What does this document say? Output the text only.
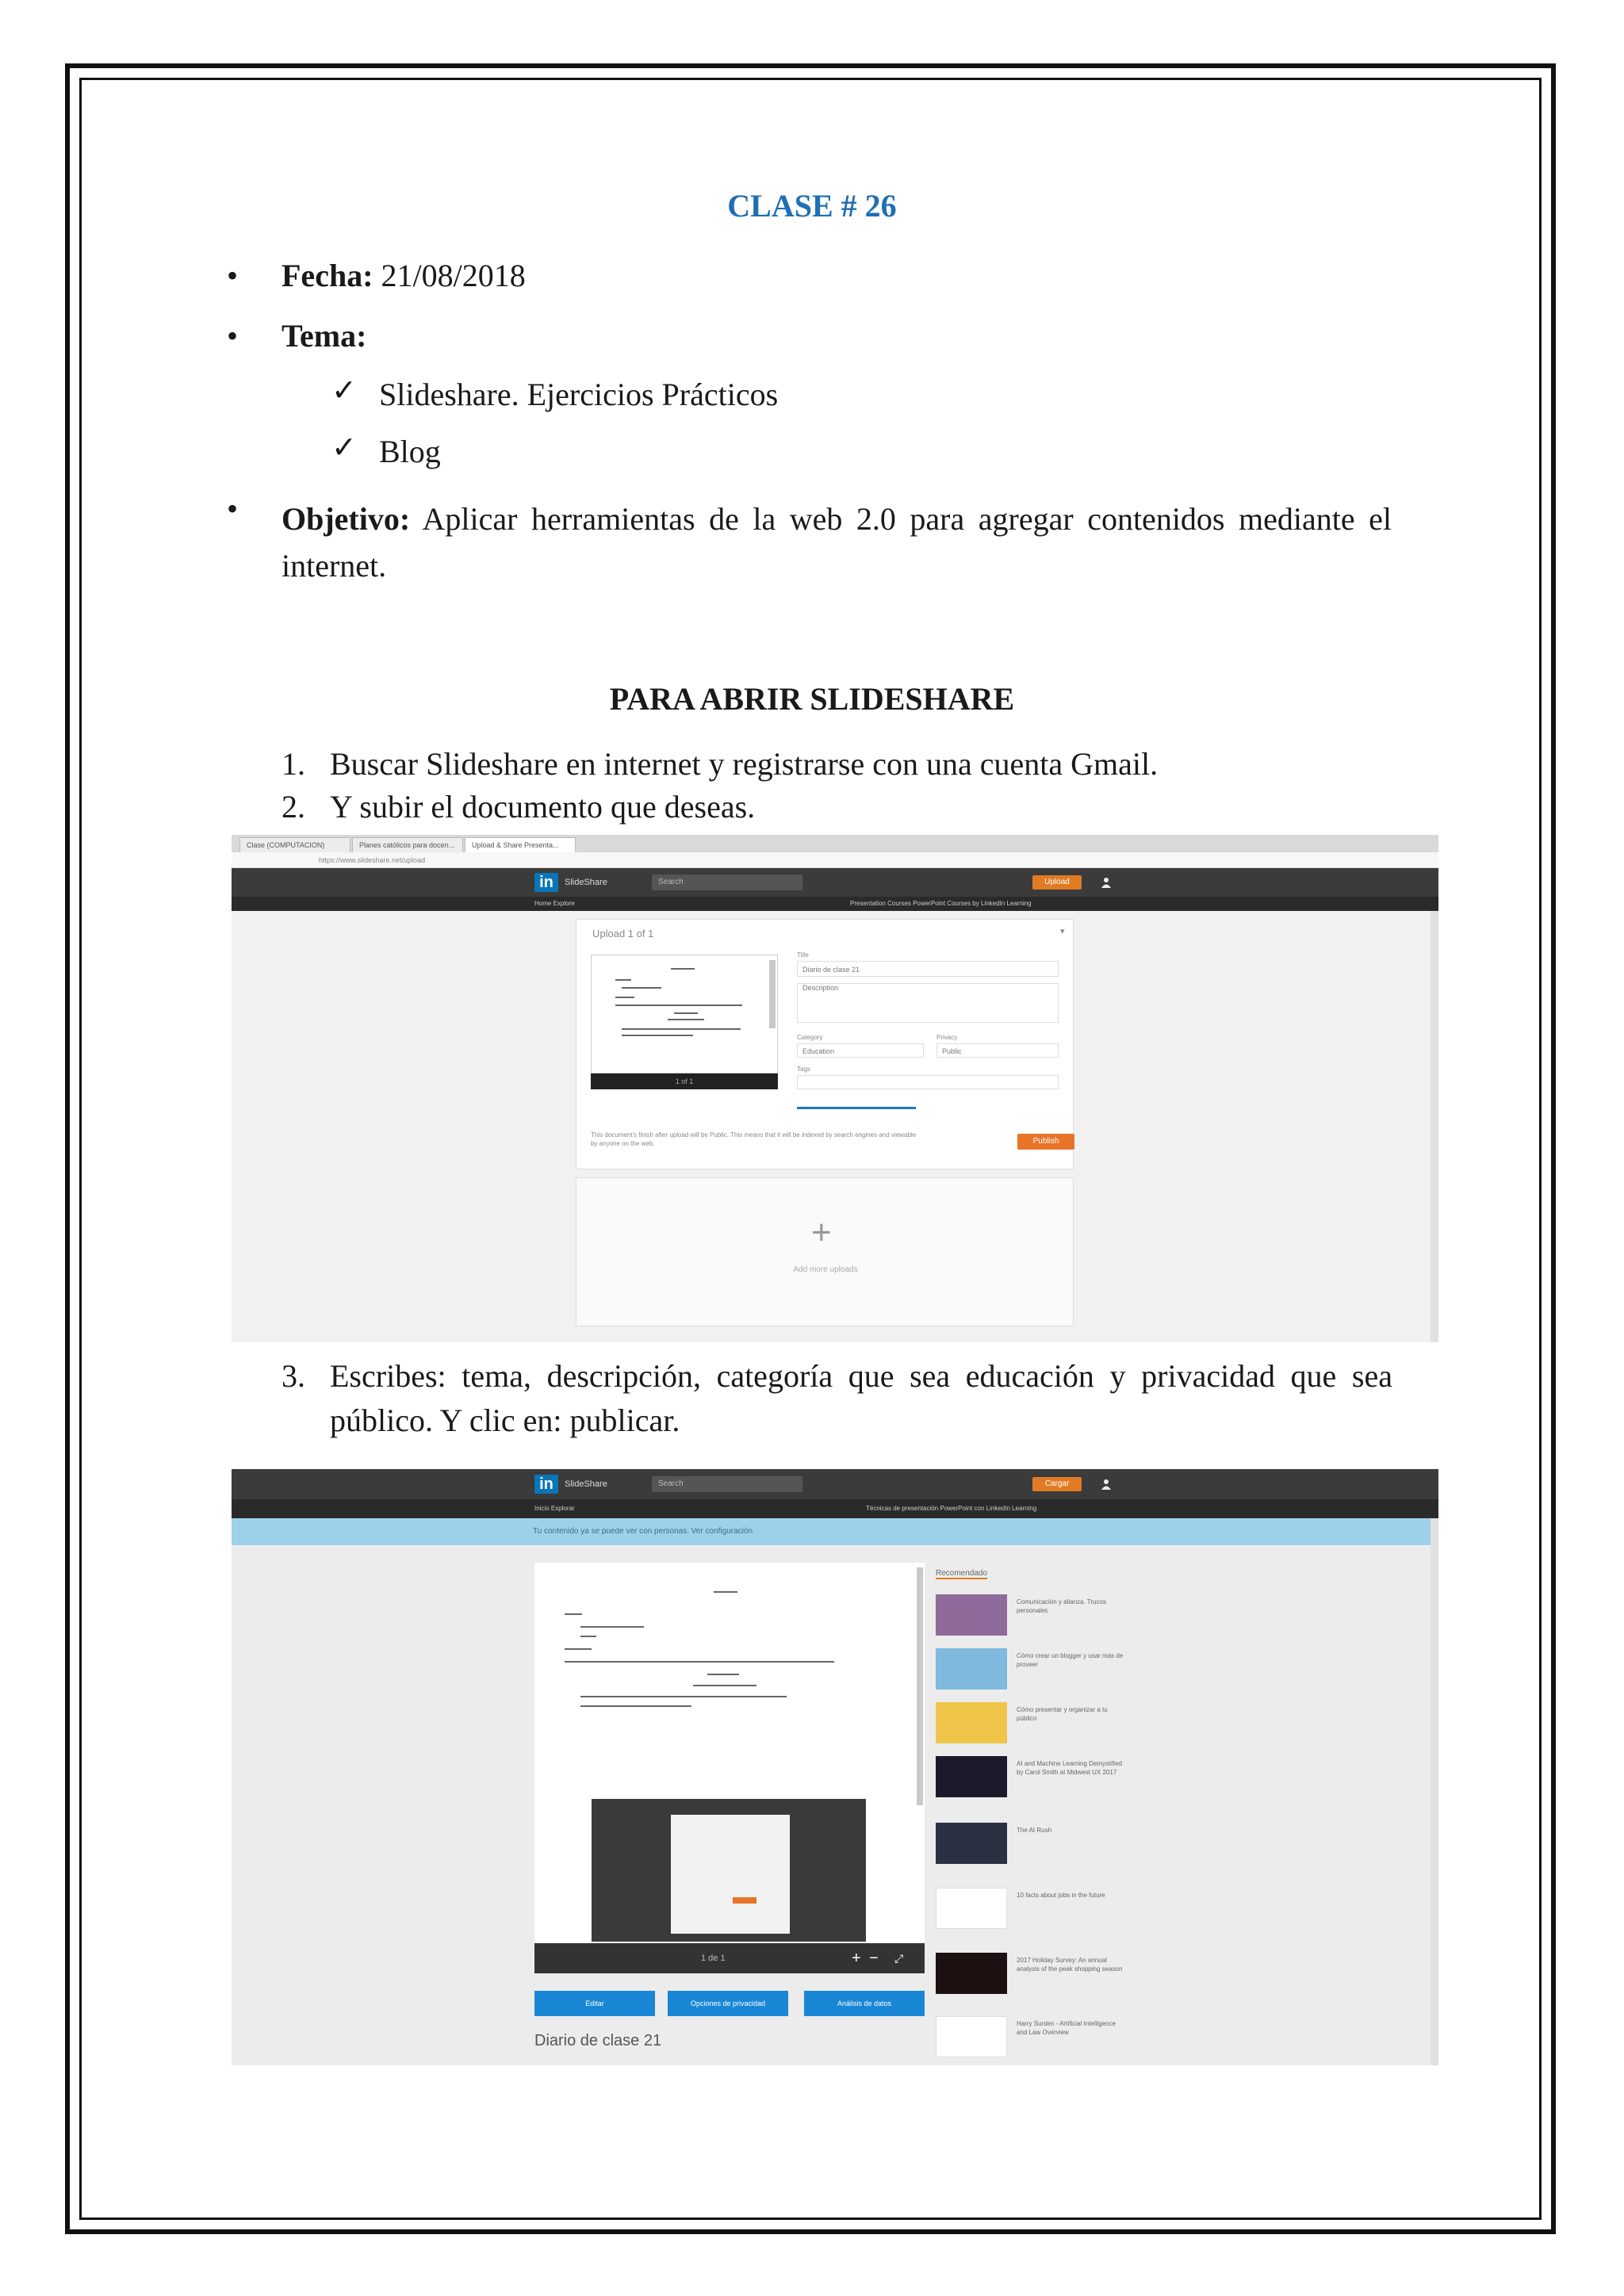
CLASE # 26
• Fecha: 21/08/2018
• Tema:
✓ Slideshare. Ejercicios Prácticos
✓ Blog
• Objetivo: Aplicar herramientas de la web 2.0 para agregar contenidos mediante el
internet.
PARA ABRIR SLIDESHARE
1. Buscar Slideshare en internet y registrarse con una cuenta Gmail.
2. Y subir el documento que deseas.
Clase (COMPUTACION)	Planes católicos para docen...	Upload & Share Presenta...
https://www.slideshare.net/upload
in	SlideShare	Search	Upload
Home Explore	Presentation Courses PowerPoint Courses by LinkedIn Learning
Upload 1 of 1	▾
1 of 1
Title
Diario de clase 21
Description
Category
Education
Privacy
Public
Tags
This document's finish after upload will be Public. This means that it will be indexed by search engines and viewable by anyone on the web.	Publish
+
Add more uploads
3. Escribes: tema, descripción, categoría que sea educación y privacidad que sea
público. Y clic en: publicar.
in	SlideShare	Search	Cargar
Inicio Explorar	Técnicas de presentación PowerPoint con LinkedIn Learning
Tu contenido ya se puede ver con personas. Ver configuración
1 de 1	+ − ⤢
Editar	Opciones de privacidad	Análisis de datos
Diario de clase 21
Recomendado
Comunicación y alianza. Trucos personales
Cómo crear un blogger y usar más de proveer
Cómo presentar y organizar a tu público
AI and Machine Learning Demystified by Carol Smith at Midwest UX 2017
The AI Rush
10 facts about jobs in the future
2017 Holiday Survey: An annual analysis of the peak shopping season
Harry Surden - Artificial Intelligence and Law Overview
